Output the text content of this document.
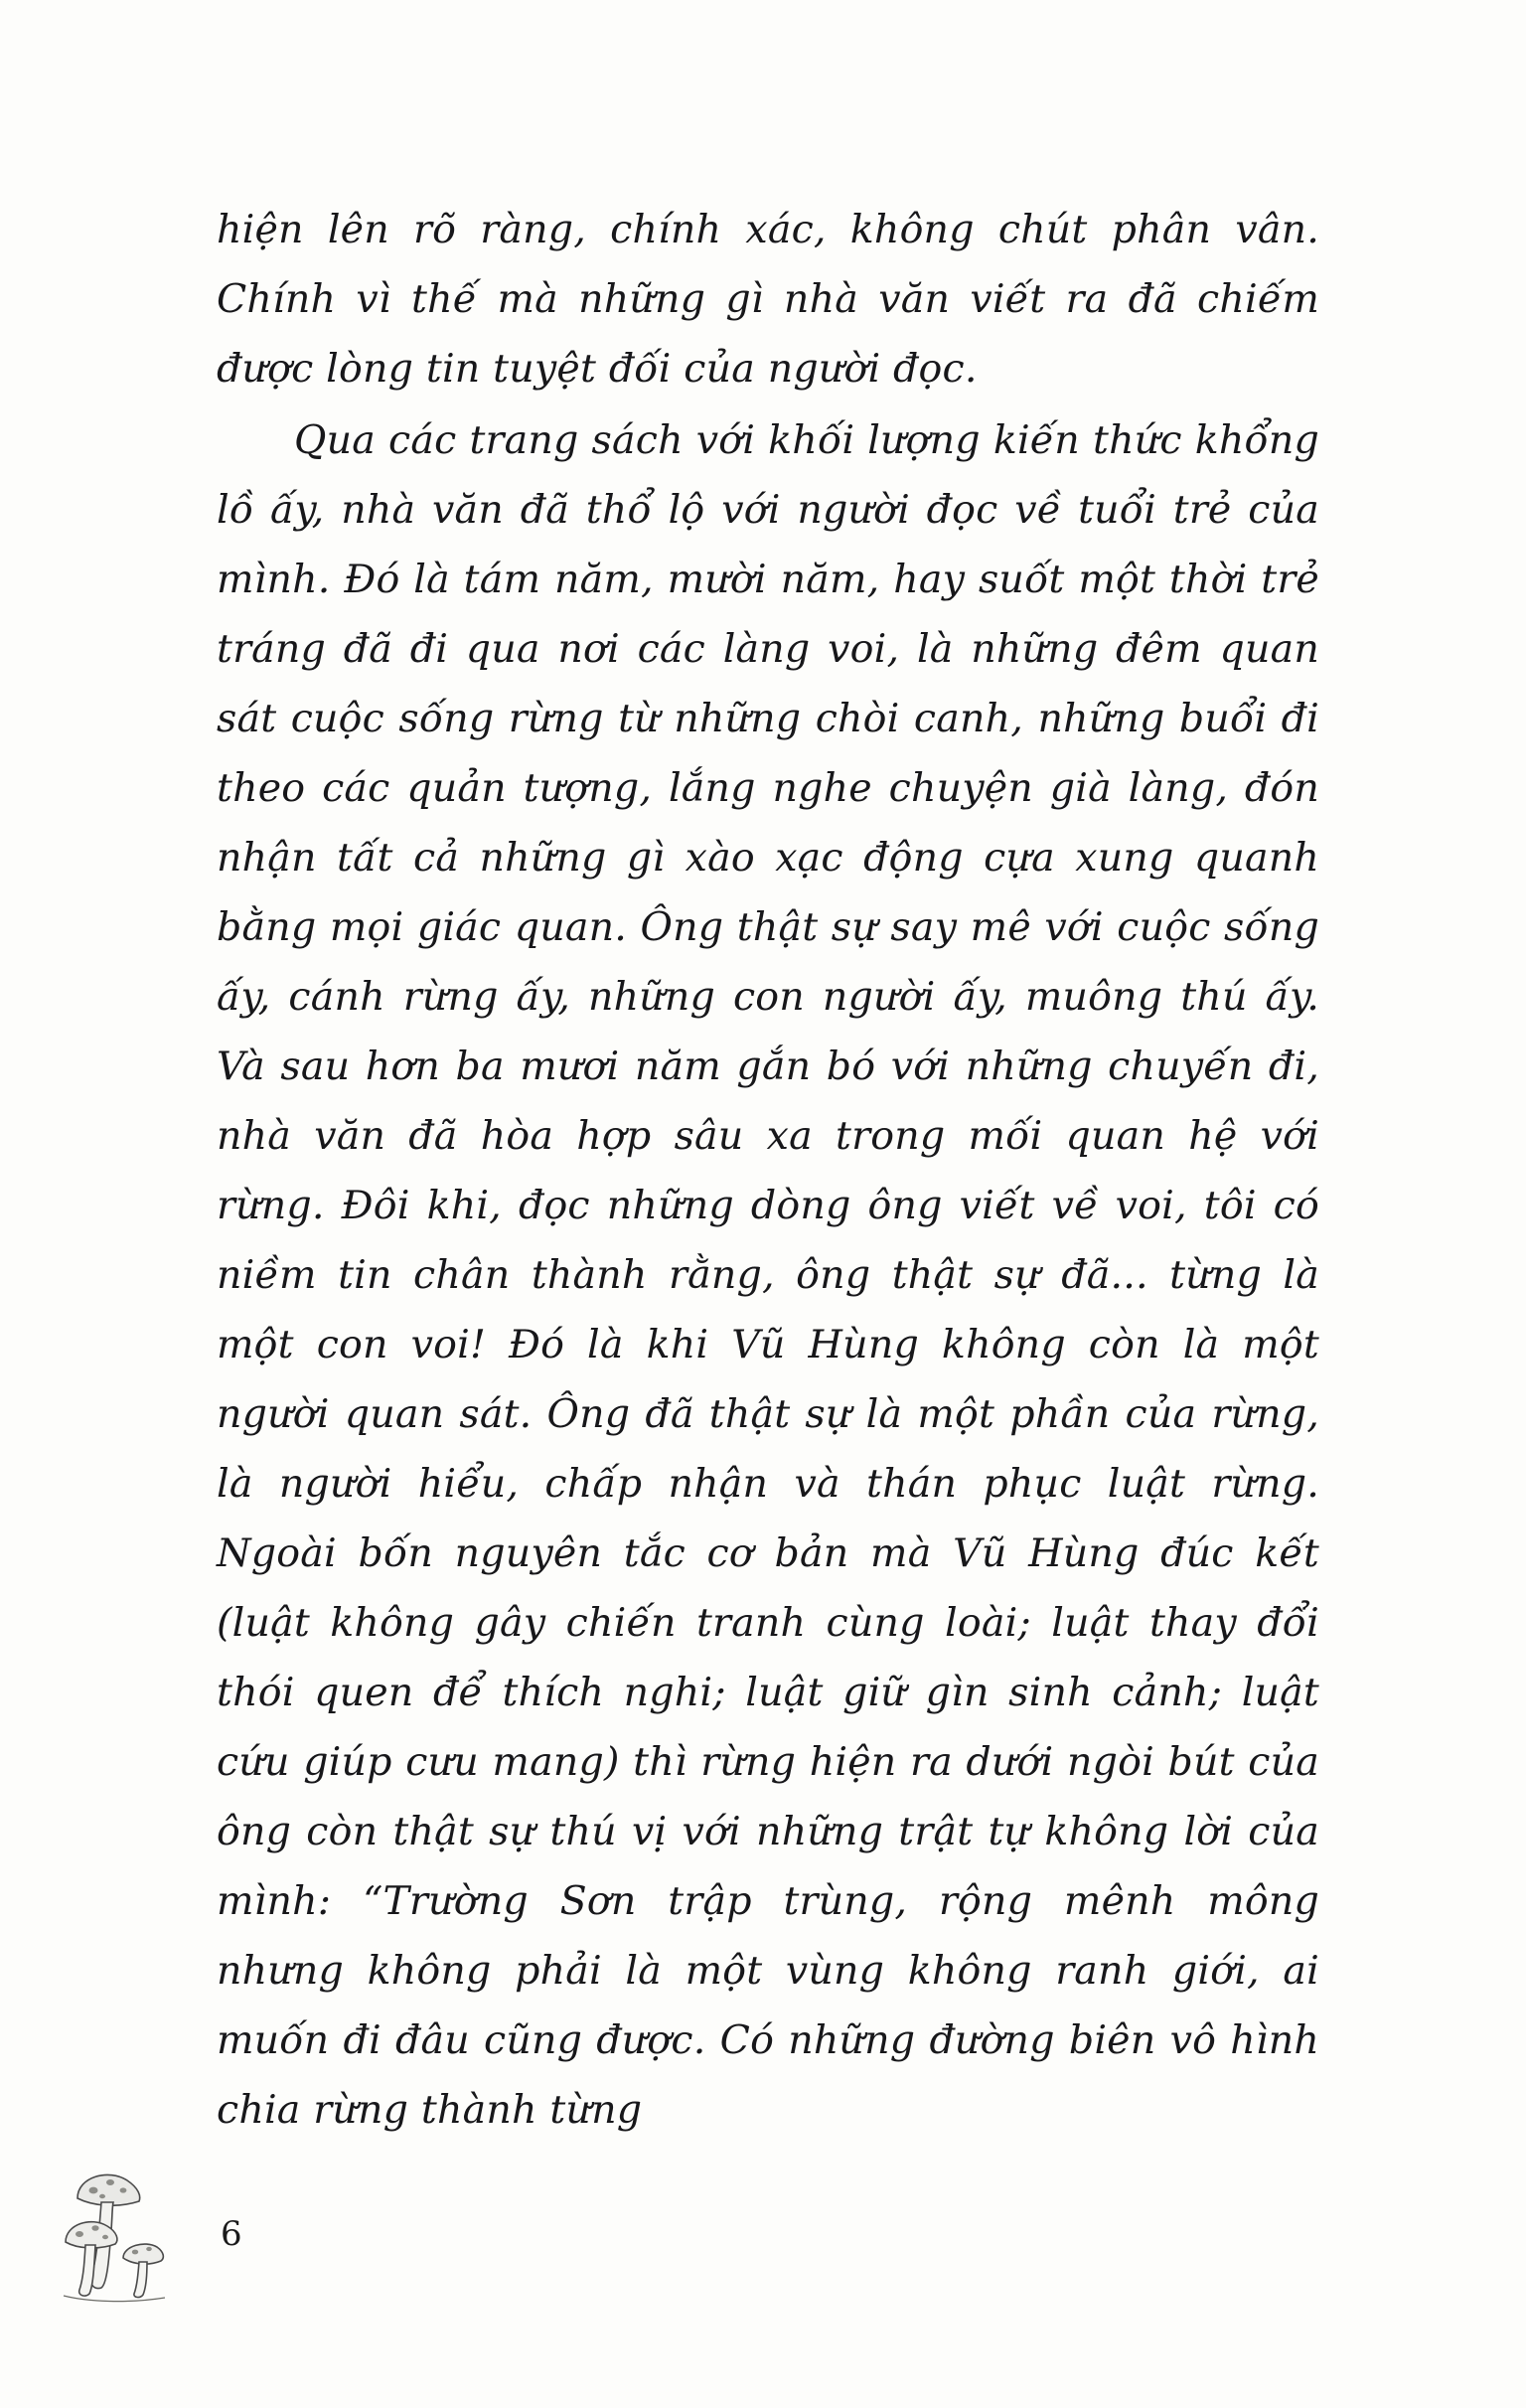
hiện lên rõ ràng, chính xác, không chút phân vân. Chính vì thế mà những gì nhà văn viết ra đã chiếm được lòng tin tuyệt đối của người đọc.

Qua các trang sách với khối lượng kiến thức khổng lồ ấy, nhà văn đã thổ lộ với người đọc về tuổi trẻ của mình. Đó là tám năm, mười năm, hay suốt một thời trẻ tráng đã đi qua nơi các làng voi, là những đêm quan sát cuộc sống rừng từ những chòi canh, những buổi đi theo các quản tượng, lắng nghe chuyện già làng, đón nhận tất cả những gì xào xạc động cựa xung quanh bằng mọi giác quan. Ông thật sự say mê với cuộc sống ấy, cánh rừng ấy, những con người ấy, muông thú ấy. Và sau hơn ba mươi năm gắn bó với những chuyến đi, nhà văn đã hòa hợp sâu xa trong mối quan hệ với rừng. Đôi khi, đọc những dòng ông viết về voi, tôi có niềm tin chân thành rằng, ông thật sự đã... từng là một con voi! Đó là khi Vũ Hùng không còn là một người quan sát. Ông đã thật sự là một phần của rừng, là người hiểu, chấp nhận và thán phục luật rừng. Ngoài bốn nguyên tắc cơ bản mà Vũ Hùng đúc kết (luật không gây chiến tranh cùng loài; luật thay đổi thói quen để thích nghi; luật giữ gìn sinh cảnh; luật cứu giúp cưu mang) thì rừng hiện ra dưới ngòi bút của ông còn thật sự thú vị với những trật tự không lời của mình: “Trường Sơn trập trùng, rộng mênh mông nhưng không phải là một vùng không ranh giới, ai muốn đi đâu cũng được. Có những đường biên vô hình chia rừng thành từng

6
